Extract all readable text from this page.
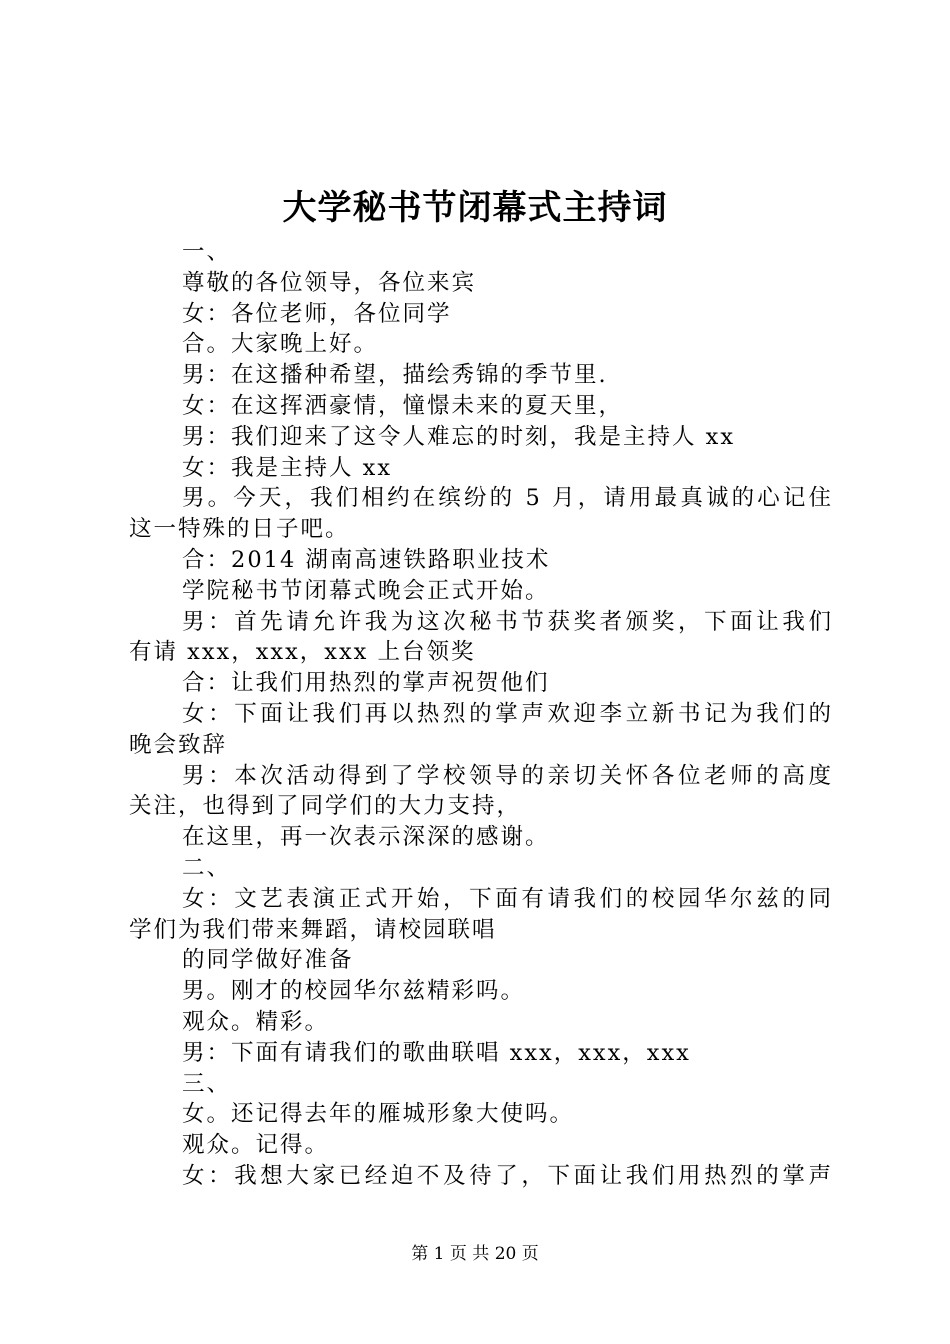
大学秘书节闭幕式主持词
一、
尊敬的各位领导，各位来宾
女：各位老师，各位同学
合。大家晚上好。
男：在这播种希望，描绘秀锦的季节里.
女：在这挥洒豪情，憧憬未来的夏天里，
男：我们迎来了这令人难忘的时刻，我是主持人 xx
女：我是主持人 xx
男。今天，我们相约在缤纷的 5 月，请用最真诚的心记住
这一特殊的日子吧。
合：2014 湖南高速铁路职业技术
学院秘书节闭幕式晚会正式开始。
男：首先请允许我为这次秘书节获奖者颁奖，下面让我们
有请 xxx，xxx，xxx 上台领奖
合：让我们用热烈的掌声祝贺他们
女：下面让我们再以热烈的掌声欢迎李立新书记为我们的
晚会致辞
男：本次活动得到了学校领导的亲切关怀各位老师的高度
关注，也得到了同学们的大力支持，
在这里，再一次表示深深的感谢。
二、
女：文艺表演正式开始，下面有请我们的校园华尔兹的同
学们为我们带来舞蹈，请校园联唱
的同学做好准备
男。刚才的校园华尔兹精彩吗。
观众。精彩。
男：下面有请我们的歌曲联唱 xxx，xxx，xxx
三、
女。还记得去年的雁城形象大使吗。
观众。记得。
女：我想大家已经迫不及待了，下面让我们用热烈的掌声
第 1 页 共 20 页
